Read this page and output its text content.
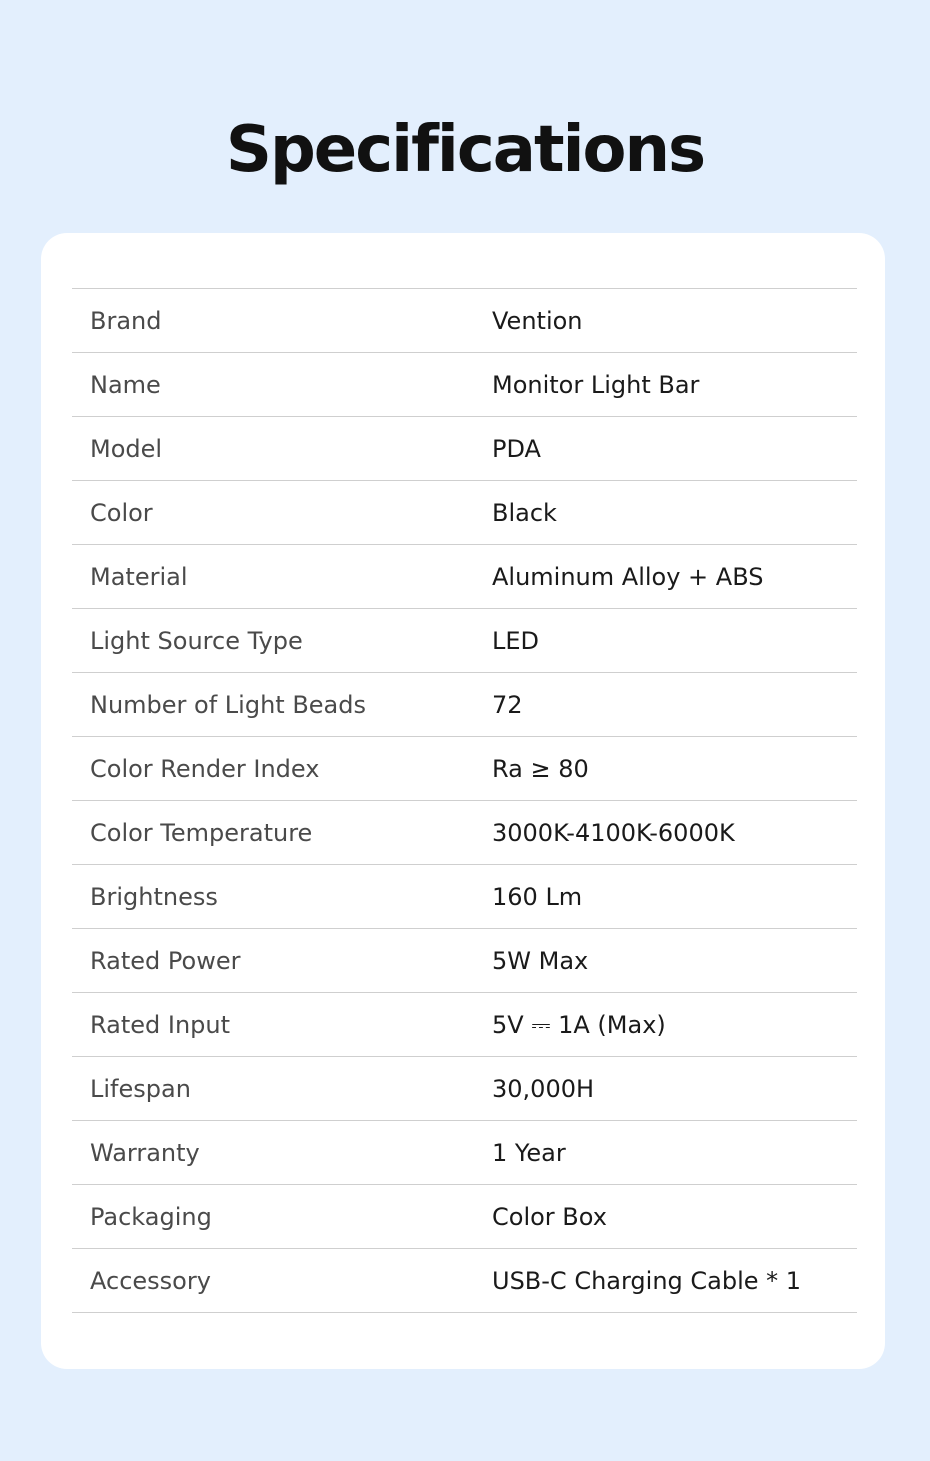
Specifications
Brand	Vention
Name	Monitor Light Bar
Model	PDA
Color	Black
Material	Aluminum Alloy + ABS
Light Source Type	LED
Number of Light Beads	72
Color Render Index	Ra ≥ 80
Color Temperature	3000K-4100K-6000K
Brightness	160 Lm
Rated Power	5W Max
Rated Input	5V ⎓ 1A (Max)
Lifespan	30,000H
Warranty	1 Year
Packaging	Color Box
Accessory	USB-C Charging Cable * 1
